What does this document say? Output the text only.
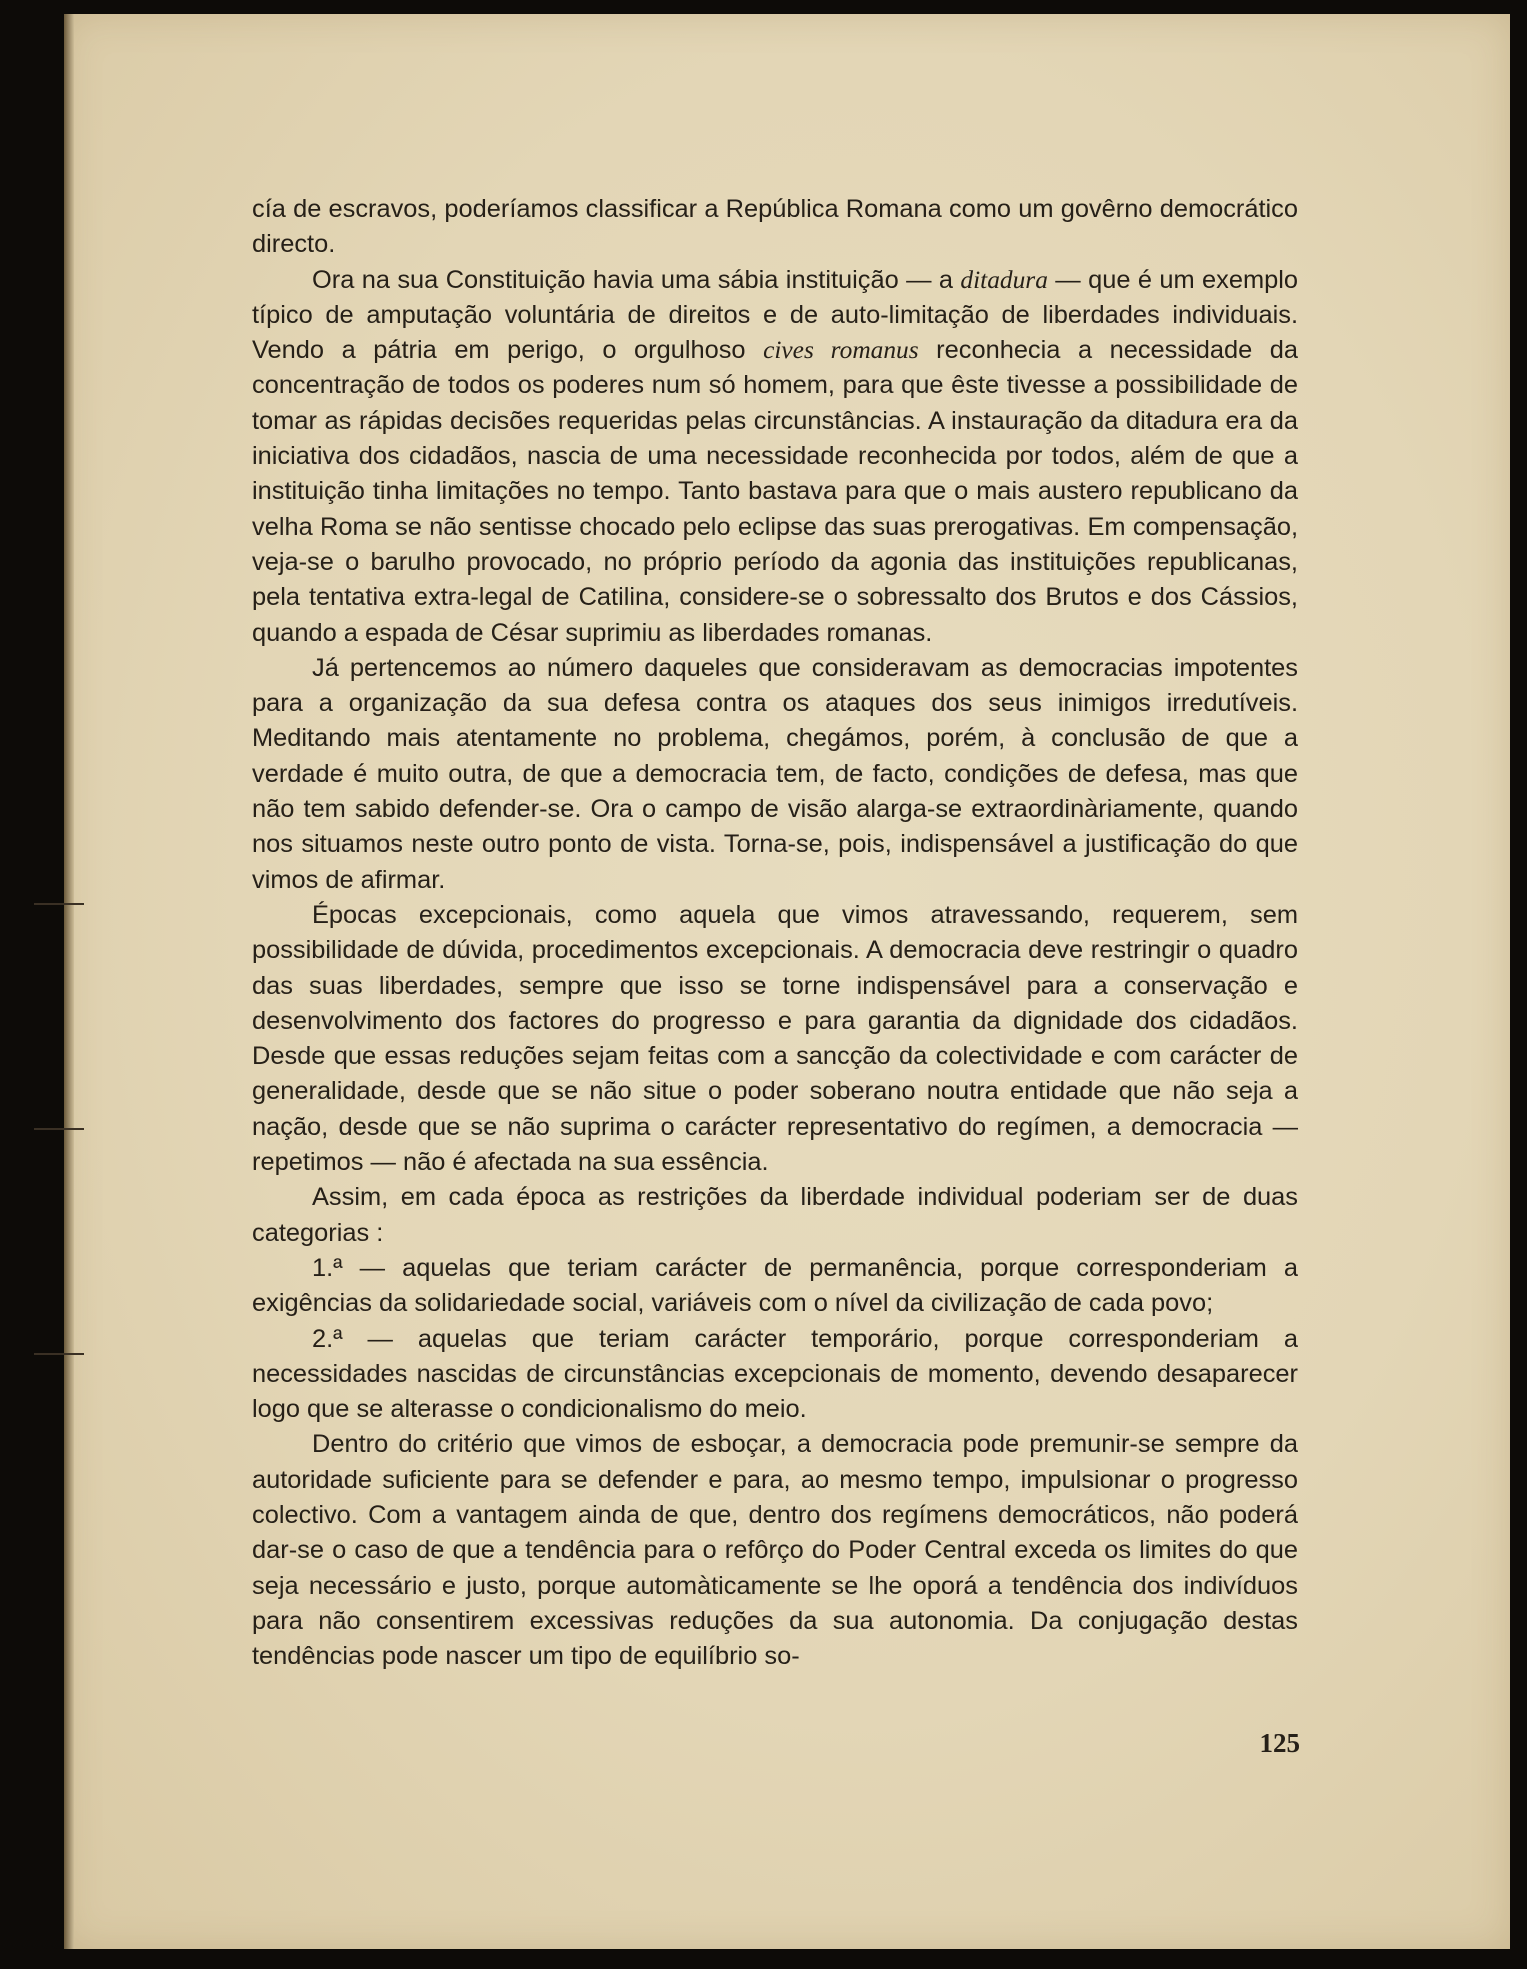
cía de escravos, poderíamos classificar a República Romana como um govêrno democrático directo.

Ora na sua Constituição havia uma sábia instituição — a ditadura — que é um exemplo típico de amputação voluntária de direitos e de auto-limitação de liberdades individuais. Vendo a pátria em perigo, o orgulhoso cives romanus reconhecia a necessidade da concentração de todos os poderes num só homem, para que êste tivesse a possibilidade de tomar as rápidas decisões requeridas pelas circunstâncias. A instauração da ditadura era da iniciativa dos cidadãos, nascia de uma necessidade reconhecida por todos, além de que a instituição tinha limitações no tempo. Tanto bastava para que o mais austero republicano da velha Roma se não sentisse chocado pelo eclipse das suas prerogativas. Em compensação, veja-se o barulho provocado, no próprio período da agonia das instituições republicanas, pela tentativa extra-legal de Catilina, considere-se o sobressalto dos Brutos e dos Cássios, quando a espada de César suprimiu as liberdades romanas.

Já pertencemos ao número daqueles que consideravam as democracias impotentes para a organização da sua defesa contra os ataques dos seus inimigos irredutíveis. Meditando mais atentamente no problema, chegámos, porém, à conclusão de que a verdade é muito outra, de que a democracia tem, de facto, condições de defesa, mas que não tem sabido defender-se. Ora o campo de visão alarga-se extraordinàriamente, quando nos situamos neste outro ponto de vista. Torna-se, pois, indispensável a justificação do que vimos de afirmar.

Épocas excepcionais, como aquela que vimos atravessando, requerem, sem possibilidade de dúvida, procedimentos excepcionais. A democracia deve restringir o quadro das suas liberdades, sempre que isso se torne indispensável para a conservação e desenvolvimento dos factores do progresso e para garantia da dignidade dos cidadãos. Desde que essas reduções sejam feitas com a sancção da colectividade e com carácter de generalidade, desde que se não situe o poder soberano noutra entidade que não seja a nação, desde que se não suprima o carácter representativo do regímen, a democracia — repetimos — não é afectada na sua essência.

Assim, em cada época as restrições da liberdade individual poderiam ser de duas categorias :

1.ª — aquelas que teriam carácter de permanência, porque corresponderiam a exigências da solidariedade social, variáveis com o nível da civilização de cada povo;

2.ª — aquelas que teriam carácter temporário, porque corresponderiam a necessidades nascidas de circunstâncias excepcionais de momento, devendo desaparecer logo que se alterasse o condicionalismo do meio.

Dentro do critério que vimos de esboçar, a democracia pode premunir-se sempre da autoridade suficiente para se defender e para, ao mesmo tempo, impulsionar o progresso colectivo. Com a vantagem ainda de que, dentro dos regímens democráticos, não poderá dar-se o caso de que a tendência para o refôrço do Poder Central exceda os limites do que seja necessário e justo, porque automàticamente se lhe oporá a tendência dos indivíduos para não consentirem excessivas reduções da sua autonomia. Da conjugação destas tendências pode nascer um tipo de equilíbrio so-

125
